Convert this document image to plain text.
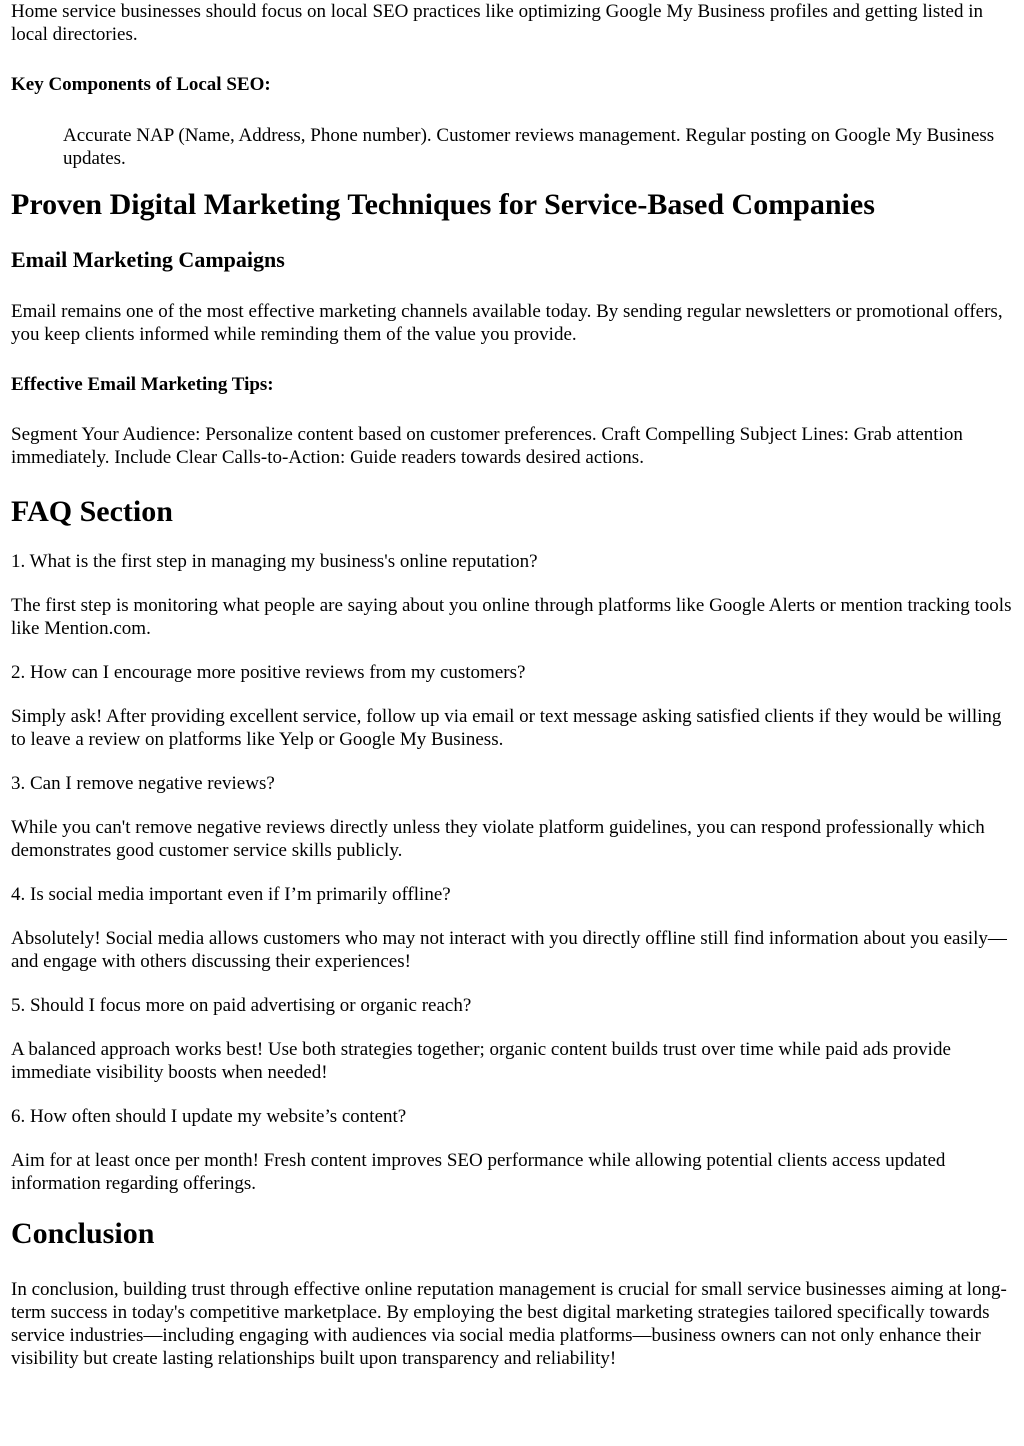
Home service businesses should focus on local SEO practices like optimizing Google My Business profiles and getting listed in local directories.

Key Components of Local SEO:

Accurate NAP (Name, Address, Phone number). Customer reviews management. Regular posting on Google My Business updates.

Proven Digital Marketing Techniques for Service-Based Companies
Email Marketing Campaigns

Email remains one of the most effective marketing channels available today. By sending regular newsletters or promotional offers, you keep clients informed while reminding them of the value you provide.

Effective Email Marketing Tips:

Segment Your Audience: Personalize content based on customer preferences. Craft Compelling Subject Lines: Grab attention immediately. Include Clear Calls-to-Action: Guide readers towards desired actions.

FAQ Section

1. What is the first step in managing my business's online reputation?

The first step is monitoring what people are saying about you online through platforms like Google Alerts or mention tracking tools like Mention.com.

2. How can I encourage more positive reviews from my customers?

Simply ask! After providing excellent service, follow up via email or text message asking satisfied clients if they would be willing to leave a review on platforms like Yelp or Google My Business.

3. Can I remove negative reviews?

While you can't remove negative reviews directly unless they violate platform guidelines, you can respond professionally which demonstrates good customer service skills publicly.

4. Is social media important even if I’m primarily offline?

Absolutely! Social media allows customers who may not interact with you directly offline still find information about you easily—and engage with others discussing their experiences!

5. Should I focus more on paid advertising or organic reach?

A balanced approach works best! Use both strategies together; organic content builds trust over time while paid ads provide immediate visibility boosts when needed!

6. How often should I update my website’s content?

Aim for at least once per month! Fresh content improves SEO performance while allowing potential clients access updated information regarding offerings.

Conclusion

In conclusion, building trust through effective online reputation management is crucial for small service businesses aiming at long-term success in today's competitive marketplace. By employing the best digital marketing strategies tailored specifically towards service industries—including engaging with audiences via social media platforms—business owners can not only enhance their visibility but create lasting relationships built upon transparency and reliability!
